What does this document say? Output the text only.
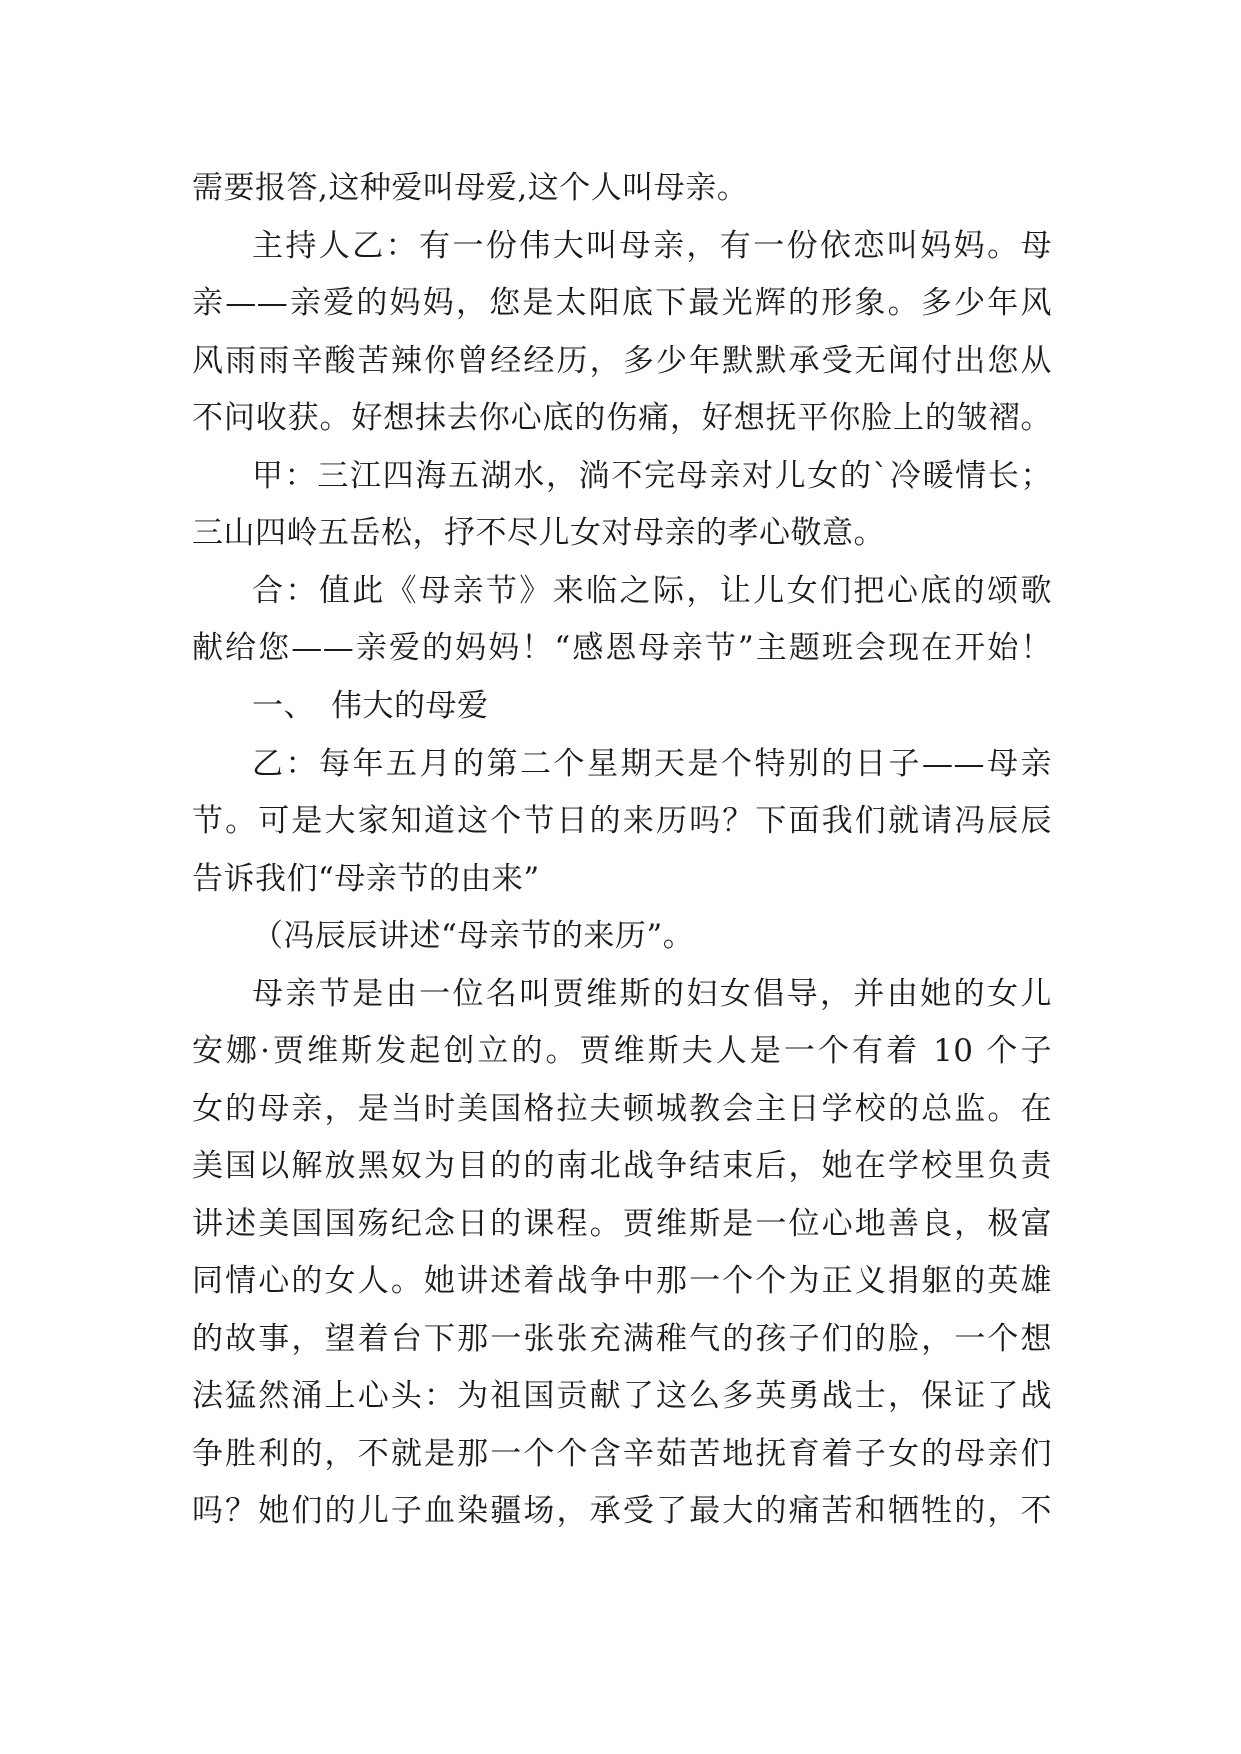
需要报答,这种爱叫母爱,这个人叫母亲。
主持人乙：有一份伟大叫母亲，有一份依恋叫妈妈。母
亲——亲爱的妈妈，您是太阳底下最光辉的形象。多少年风
风雨雨辛酸苦辣你曾经经历，多少年默默承受无闻付出您从
不问收获。好想抹去你心底的伤痛，好想抚平你脸上的皱褶。
甲：三江四海五湖水，淌不完母亲对儿女的`冷暖情长；
三山四岭五岳松，抒不尽儿女对母亲的孝心敬意。
合：值此《母亲节》来临之际，让儿女们把心底的颂歌
献给您——亲爱的妈妈！“感恩母亲节”主题班会现在开始！
一、　伟大的母爱
乙：每年五月的第二个星期天是个特别的日子——母亲
节。可是大家知道这个节日的来历吗？下面我们就请冯辰辰
告诉我们“母亲节的由来”
（冯辰辰讲述“母亲节的来历”。
母亲节是由一位名叫贾维斯的妇女倡导，并由她的女儿
安娜·贾维斯发起创立的。贾维斯夫人是一个有着 10 个子
女的母亲，是当时美国格拉夫顿城教会主日学校的总监。在
美国以解放黑奴为目的的南北战争结束后，她在学校里负责
讲述美国国殇纪念日的课程。贾维斯是一位心地善良，极富
同情心的女人。她讲述着战争中那一个个为正义捐躯的英雄
的故事，望着台下那一张张充满稚气的孩子们的脸，一个想
法猛然涌上心头：为祖国贡献了这么多英勇战士，保证了战
争胜利的，不就是那一个个含辛茹苦地抚育着子女的母亲们
吗？她们的儿子血染疆场，承受了最大的痛苦和牺牲的，不
